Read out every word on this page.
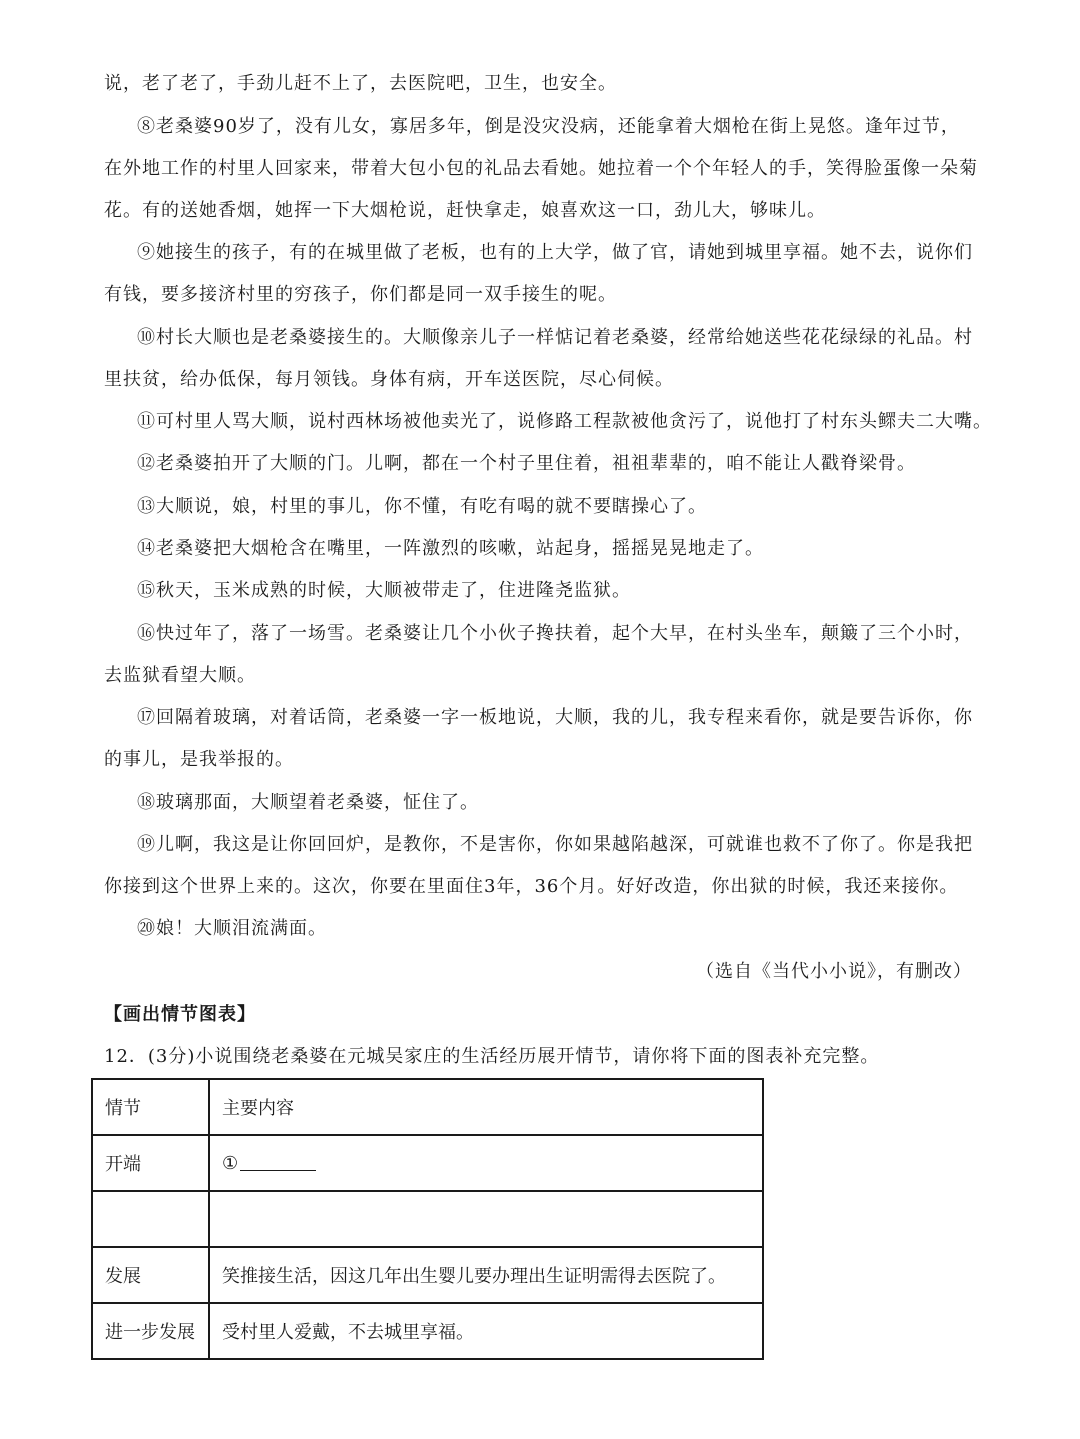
说，老了老了，手劲儿赶不上了，去医院吧，卫生，也安全。

⑧老桑婆90岁了，没有儿女，寡居多年，倒是没灾没病，还能拿着大烟枪在街上晃悠。逢年过节，

在外地工作的村里人回家来，带着大包小包的礼品去看她。她拉着一个个年轻人的手，笑得脸蛋像一朵菊

花。有的送她香烟，她挥一下大烟枪说，赶快拿走，娘喜欢这一口，劲儿大，够味儿。

⑨她接生的孩子，有的在城里做了老板，也有的上大学，做了官，请她到城里享福。她不去，说你们

有钱，要多接济村里的穷孩子，你们都是同一双手接生的呢。

⑩村长大顺也是老桑婆接生的。大顺像亲儿子一样惦记着老桑婆，经常给她送些花花绿绿的礼品。村

里扶贫，给办低保，每月领钱。身体有病，开车送医院，尽心伺候。

⑪可村里人骂大顺，说村西林场被他卖光了，说修路工程款被他贪污了，说他打了村东头鳏夫二大嘴。

⑫老桑婆拍开了大顺的门。儿啊，都在一个村子里住着，祖祖辈辈的，咱不能让人戳脊梁骨。

⑬大顺说，娘，村里的事儿，你不懂，有吃有喝的就不要瞎操心了。

⑭老桑婆把大烟枪含在嘴里，一阵激烈的咳嗽，站起身，摇摇晃晃地走了。

⑮秋天，玉米成熟的时候，大顺被带走了，住进隆尧监狱。

⑯快过年了，落了一场雪。老桑婆让几个小伙子搀扶着，起个大早，在村头坐车，颠簸了三个小时，

去监狱看望大顺。

⑰回隔着玻璃，对着话筒，老桑婆一字一板地说，大顺，我的儿，我专程来看你，就是要告诉你，你

的事儿，是我举报的。

⑱玻璃那面，大顺望着老桑婆，怔住了。

⑲儿啊，我这是让你回回炉，是教你，不是害你，你如果越陷越深，可就谁也救不了你了。你是我把

你接到这个世界上来的。这次，你要在里面住3年，36个月。好好改造，你出狱的时候，我还来接你。

⑳娘！大顺泪流满面。

（选自《当代小小说》，有删改）

【画出情节图表】

12．(3分)小说围绕老桑婆在元城吴家庄的生活经历展开情节，请你将下面的图表补充完整。

情节	主要内容
开端	①

发展	笑推接生活，因这几年出生婴儿要办理出生证明需得去医院了。
进一步发展	受村里人爱戴，不去城里享福。
